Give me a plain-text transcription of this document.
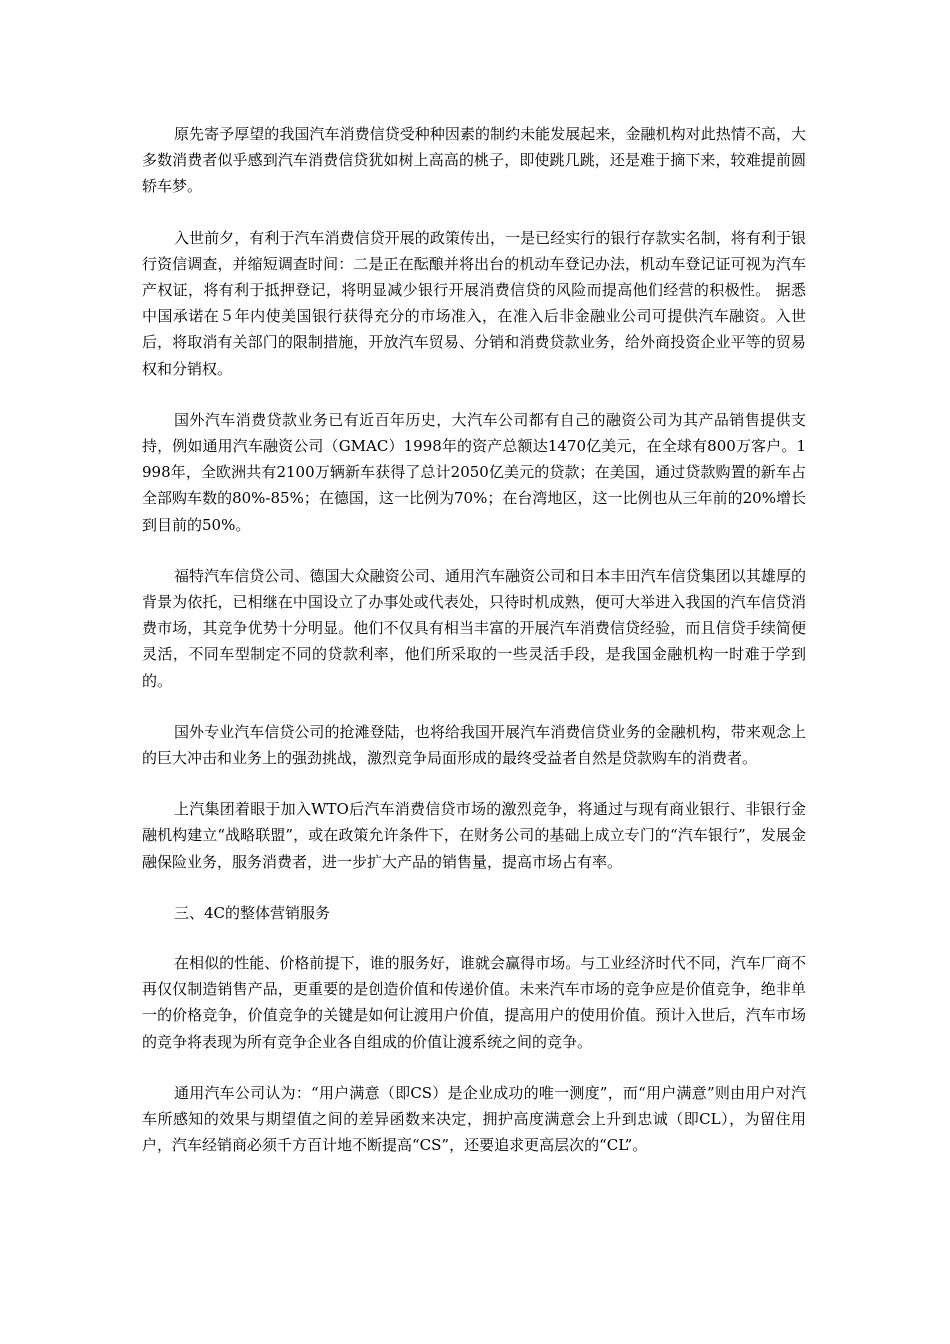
原先寄予厚望的我国汽车消费信贷受种种因素的制约未能发展起来，金融机构对此热情不高，大多数消费者似乎感到汽车消费信贷犹如树上高高的桃子，即使跳几跳，还是难于摘下来，较难提前圆轿车梦。

入世前夕，有利于汽车消费信贷开展的政策传出，一是已经实行的银行存款实名制，将有利于银行资信调查，并缩短调查时间：二是正在酝酿并将出台的机动车登记办法，机动车登记证可视为汽车产权证，将有利于抵押登记，将明显减少银行开展消费信贷的风险而提高他们经营的积极性。 据悉中国承诺在５年内使美国银行获得充分的市场准入，在准入后非金融业公司可提供汽车融资。入世后，将取消有关部门的限制措施，开放汽车贸易、分销和消费贷款业务，给外商投资企业平等的贸易权和分销权。

国外汽车消费贷款业务已有近百年历史，大汽车公司都有自己的融资公司为其产品销售提供支持，例如通用汽车融资公司（GMAC）1998年的资产总额达1470亿美元，在全球有800万客户。1998年，全欧洲共有2100万辆新车获得了总计2050亿美元的贷款；在美国，通过贷款购置的新车占全部购车数的80%-85%；在德国，这一比例为70%；在台湾地区，这一比例也从三年前的20%增长到目前的50%。

福特汽车信贷公司、德国大众融资公司、通用汽车融资公司和日本丰田汽车信贷集团以其雄厚的背景为依托，已相继在中国设立了办事处或代表处，只待时机成熟，便可大举进入我国的汽车信贷消费市场，其竞争优势十分明显。他们不仅具有相当丰富的开展汽车消费信贷经验，而且信贷手续简便灵活，不同车型制定不同的贷款利率，他们所采取的一些灵活手段，是我国金融机构一时难于学到的。

国外专业汽车信贷公司的抢滩登陆，也将给我国开展汽车消费信贷业务的金融机构，带来观念上的巨大冲击和业务上的强劲挑战，激烈竞争局面形成的最终受益者自然是贷款购车的消费者。

上汽集团着眼于加入WTO后汽车消费信贷市场的激烈竞争，将通过与现有商业银行、非银行金融机构建立“战略联盟”，或在政策允许条件下，在财务公司的基础上成立专门的“汽车银行”，发展金融保险业务，服务消费者，进一步扩大产品的销售量，提高市场占有率。

三、4C的整体营销服务

在相似的性能、价格前提下，谁的服务好，谁就会赢得市场。与工业经济时代不同，汽车厂商不再仅仅制造销售产品，更重要的是创造价值和传递价值。未来汽车市场的竞争应是价值竞争，绝非单一的价格竞争，价值竞争的关键是如何让渡用户价值，提高用户的使用价值。预计入世后，汽车市场的竞争将表现为所有竞争企业各自组成的价值让渡系统之间的竞争。

通用汽车公司认为：“用户满意（即CS）是企业成功的唯一测度”，而“用户满意”则由用户对汽车所感知的效果与期望值之间的差异函数来决定，拥护高度满意会上升到忠诚（即CL），为留住用户，汽车经销商必须千方百计地不断提高“CS”，还要追求更高层次的“CL”。
